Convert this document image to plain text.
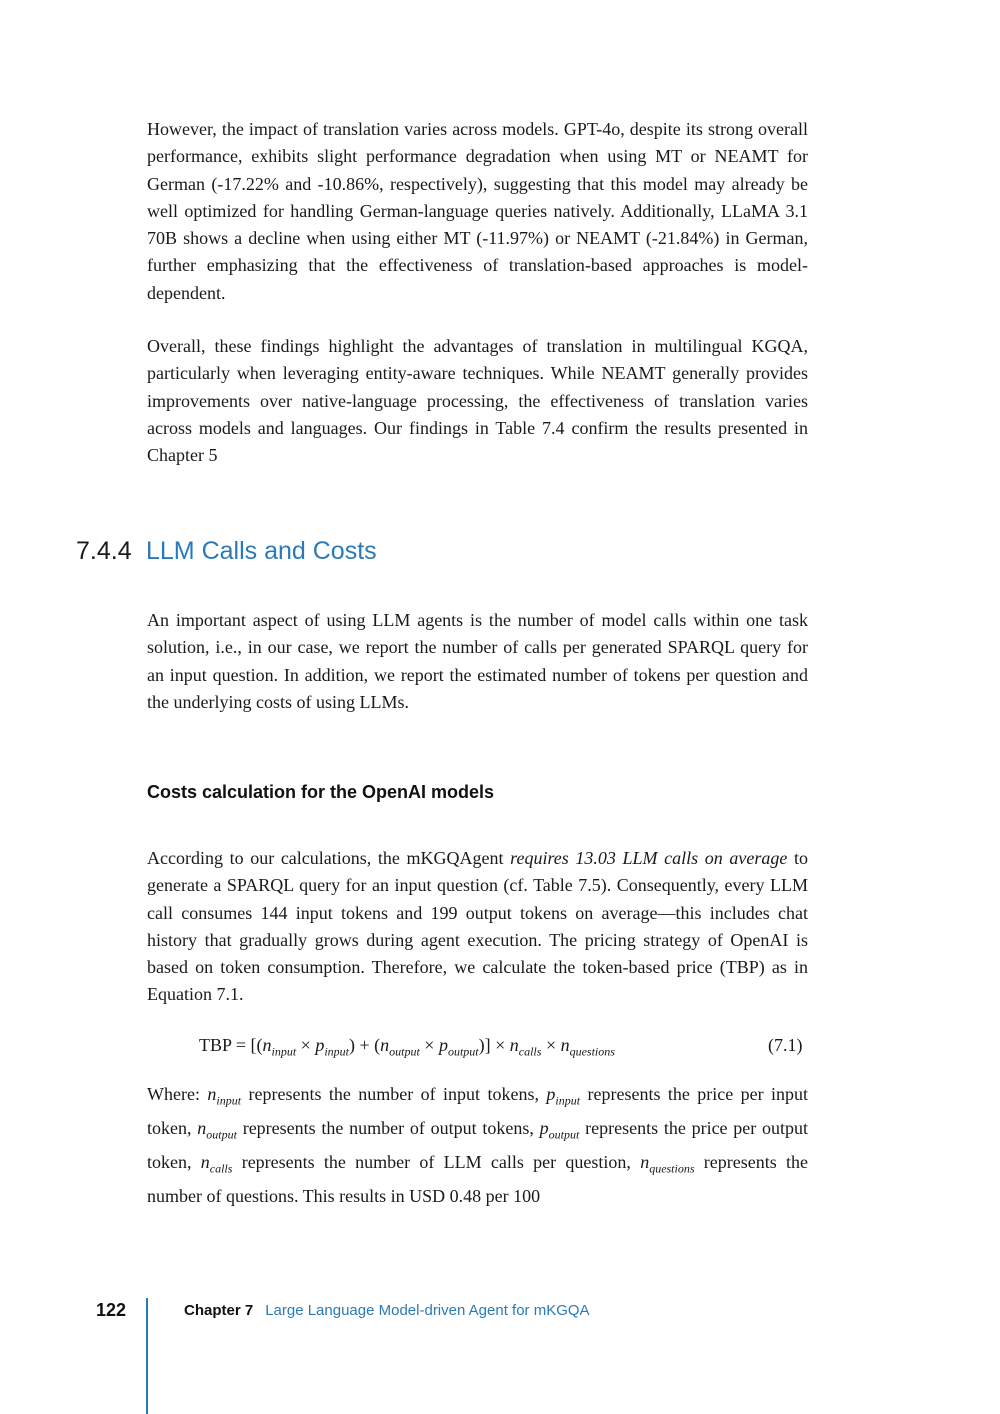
However, the impact of translation varies across models. GPT-4o, despite its strong overall performance, exhibits slight performance degradation when using MT or NEAMT for German (-17.22% and -10.86%, respectively), suggesting that this model may already be well optimized for handling German-language queries natively. Additionally, LLaMA 3.1 70B shows a decline when using either MT (-11.97%) or NEAMT (-21.84%) in German, further emphasizing that the effectiveness of translation-based approaches is model-dependent.

Overall, these findings highlight the advantages of translation in multilingual KGQA, particularly when leveraging entity-aware techniques. While NEAMT generally provides improvements over native-language processing, the effectiveness of translation varies across models and languages. Our findings in Table 7.4 confirm the results presented in Chapter 5

7.4.4 LLM Calls and Costs

An important aspect of using LLM agents is the number of model calls within one task solution, i.e., in our case, we report the number of calls per generated SPARQL query for an input question. In addition, we report the estimated number of tokens per question and the underlying costs of using LLMs.

Costs calculation for the OpenAI models

According to our calculations, the mKGQAgent requires 13.03 LLM calls on average to generate a SPARQL query for an input question (cf. Table 7.5). Consequently, every LLM call consumes 144 input tokens and 199 output tokens on average—this includes chat history that gradually grows during agent execution. The pricing strategy of OpenAI is based on token consumption. Therefore, we calculate the token-based price (TBP) as in Equation 7.1.

TBP = $[(n_{input} \times p_{input}) + (n_{output} \times p_{output})] \times n_{calls} \times n_{questions}$	(7.1)

Where: $n_{input}$ represents the number of input tokens, $p_{input}$ represents the price per input token, $n_{output}$ represents the number of output tokens, $p_{output}$ represents the price per output token, $n_{calls}$ represents the number of LLM calls per question, $n_{questions}$ represents the number of questions. This results in USD 0.48 per 100

122	Chapter 7 Large Language Model-driven Agent for mKGQA
